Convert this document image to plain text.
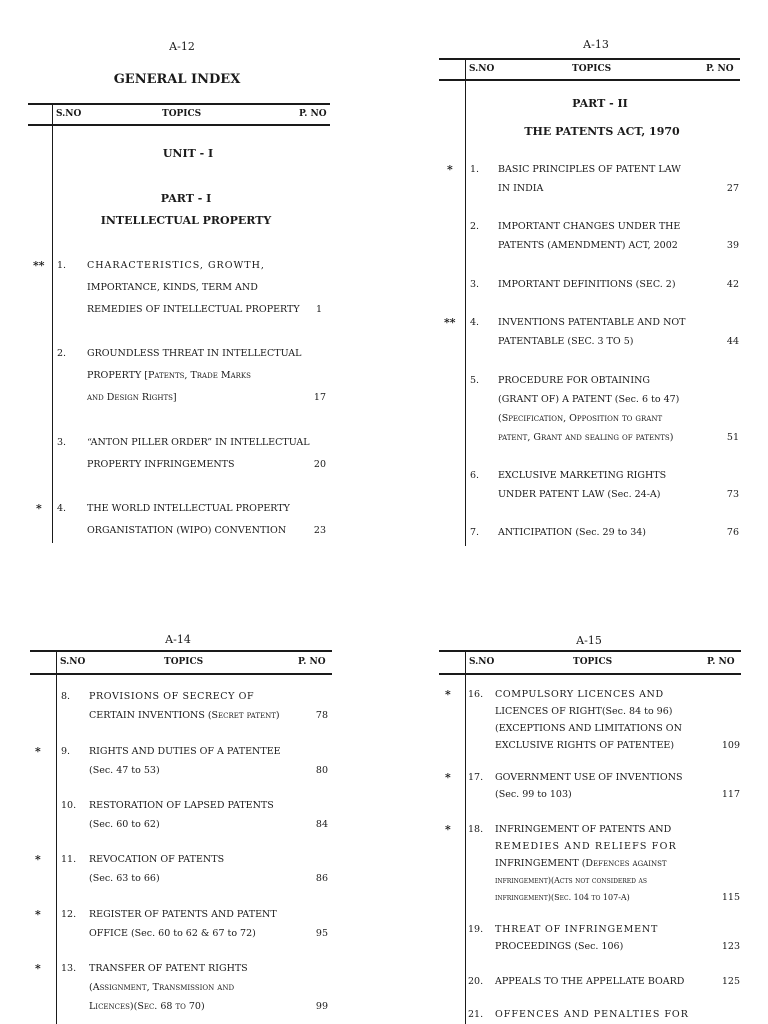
A-12
GENERAL INDEX
S.NO	TOPICS	P. NO
UNIT - I
PART - I
INTELLECTUAL PROPERTY
** 1. CHARACTERISTICS, GROWTH,
IMPORTANCE, KINDS, TERM AND
REMEDIES OF INTELLECTUAL PROPERTY	1
2. GROUNDLESS THREAT IN INTELLECTUAL
PROPERTY [Patents, Trade Marks
and Design Rights]	17
3. “ANTON PILLER ORDER” IN INTELLECTUAL
PROPERTY INFRINGEMENTS	20
* 4. THE WORLD INTELLECTUAL PROPERTY
ORGANISTATION (WIPO) CONVENTION	23
A-13
S.NO	TOPICS	P. NO
PART - II
THE PATENTS ACT, 1970
* 1. BASIC PRINCIPLES OF PATENT LAW
IN INDIA	27
2. IMPORTANT CHANGES UNDER THE
PATENTS (AMENDMENT) ACT, 2002	39
3. IMPORTANT DEFINITIONS (SEC. 2)	42
** 4. INVENTIONS PATENTABLE AND NOT
PATENTABLE (SEC. 3 TO 5)	44
5. PROCEDURE FOR OBTAINING
(GRANT OF) A PATENT (Sec. 6 to 47)
(Specification, Opposition to grant
patent, Grant and sealing of patents)	51
6. EXCLUSIVE MARKETING RIGHTS
UNDER PATENT LAW (Sec. 24-A)	73
7. ANTICIPATION (Sec. 29 to 34)	76
A-14
S.NO	TOPICS	P. NO
8. PROVISIONS OF SECRECY OF
CERTAIN INVENTIONS (Secret patent)	78
* 9. RIGHTS AND DUTIES OF A PATENTEE
(Sec. 47 to 53)	80
10. RESTORATION OF LAPSED PATENTS
(Sec. 60 to 62)	84
* 11. REVOCATION OF PATENTS
(Sec. 63 to 66)	86
* 12. REGISTER OF PATENTS AND PATENT
OFFICE (Sec. 60 to 62 & 67 to 72)	95
* 13. TRANSFER OF PATENT RIGHTS
(Assignment, Transmission and
Licences)(Sec. 68 to 70)	99
A-15
S.NO	TOPICS	P. NO
* 16. COMPULSORY LICENCES AND
LICENCES OF RIGHT(Sec. 84 to 96)
(EXCEPTIONS AND LIMITATIONS ON
EXCLUSIVE RIGHTS OF PATENTEE)	109
* 17. GOVERNMENT USE OF INVENTIONS
(Sec. 99 to 103)	117
* 18. INFRINGEMENT OF PATENTS AND
REMEDIES AND RELIEFS FOR
INFRINGEMENT (Defences against
infringement)(Acts not considered as
infringement)(Sec. 104 to 107-A)	115
19. THREAT OF INFRINGEMENT
PROCEEDINGS (Sec. 106)	123
20. APPEALS TO THE APPELLATE BOARD	125
21. OFFENCES AND PENALTIES FOR
